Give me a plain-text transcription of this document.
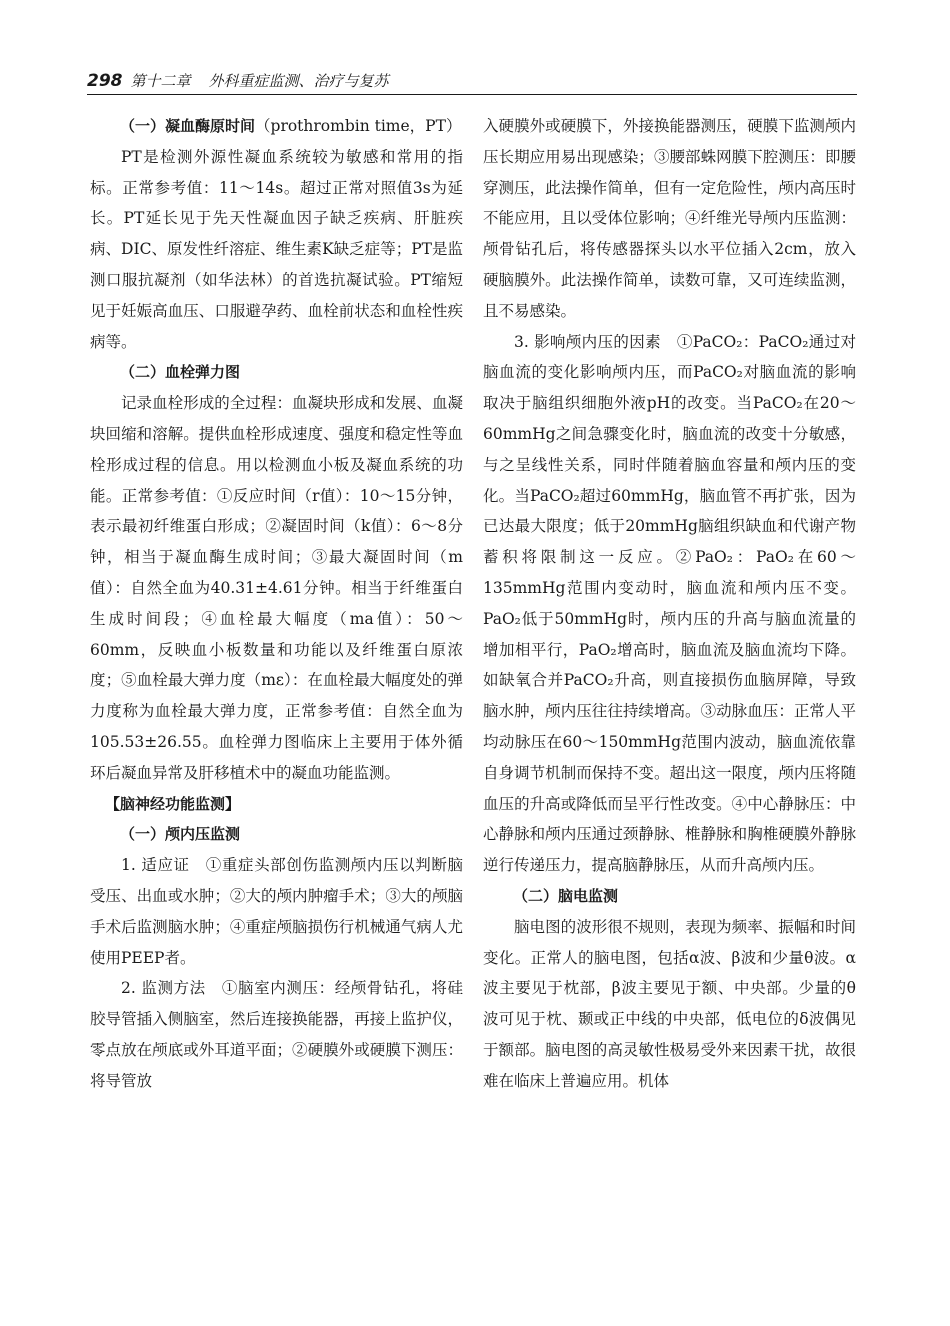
298 第十二章 外科重症监测、治疗与复苏

（一）凝血酶原时间（prothrombin time，PT）

PT是检测外源性凝血系统较为敏感和常用的指标。正常参考值：11～14s。超过正常对照值3s为延长。PT延长见于先天性凝血因子缺乏疾病、肝脏疾病、DIC、原发性纤溶症、维生素K缺乏症等；PT是监测口服抗凝剂（如华法林）的首选抗凝试验。PT缩短见于妊娠高血压、口服避孕药、血栓前状态和血栓性疾病等。

（二）血栓弹力图

记录血栓形成的全过程：血凝块形成和发展、血凝块回缩和溶解。提供血栓形成速度、强度和稳定性等血栓形成过程的信息。用以检测血小板及凝血系统的功能。正常参考值：①反应时间（r值）：10～15分钟，表示最初纤维蛋白形成；②凝固时间（k值）：6～8分钟，相当于凝血酶生成时间；③最大凝固时间（m值）：自然全血为40.31±4.61分钟。相当于纤维蛋白生成时间段；④血栓最大幅度（ma值）：50～60mm，反映血小板数量和功能以及纤维蛋白原浓度；⑤血栓最大弹力度（mε）：在血栓最大幅度处的弹力度称为血栓最大弹力度，正常参考值：自然全血为105.53±26.55。血栓弹力图临床上主要用于体外循环后凝血异常及肝移植术中的凝血功能监测。

【脑神经功能监测】

（一）颅内压监测

1. 适应证　 ①重症头部创伤监测颅内压以判断脑受压、出血或水肿；②大的颅内肿瘤手术；③大的颅脑手术后监测脑水肿；④重症颅脑损伤行机械通气病人尤使用PEEP者。

2. 监测方法　 ①脑室内测压：经颅骨钻孔，将硅胶导管插入侧脑室，然后连接换能器，再接上监护仪，零点放在颅底或外耳道平面；②硬膜外或硬膜下测压：将导管放

入硬膜外或硬膜下，外接换能器测压，硬膜下监测颅内压长期应用易出现感染；③腰部蛛网膜下腔测压：即腰穿测压，此法操作简单，但有一定危险性，颅内高压时不能应用，且以受体位影响；④纤维光导颅内压监测：颅骨钻孔后，将传感器探头以水平位插入2cm，放入硬脑膜外。此法操作简单，读数可靠，又可连续监测，且不易感染。

3. 影响颅内压的因素　 ①PaCO₂：PaCO₂通过对脑血流的变化影响颅内压，而PaCO₂对脑血流的影响取决于脑组织细胞外液pH的改变。当PaCO₂在20～60mmHg之间急骤变化时，脑血流的改变十分敏感，与之呈线性关系，同时伴随着脑血容量和颅内压的变化。当PaCO₂超过60mmHg，脑血管不再扩张，因为已达最大限度；低于20mmHg脑组织缺血和代谢产物蓄积将限制这一反应。②PaO₂：PaO₂在60～135mmHg范围内变动时，脑血流和颅内压不变。PaO₂低于50mmHg时，颅内压的升高与脑血流量的增加相平行，PaO₂增高时，脑血流及脑血流均下降。如缺氧合并PaCO₂升高，则直接损伤血脑屏障，导致脑水肿，颅内压往往持续增高。③动脉血压：正常人平均动脉压在60～150mmHg范围内波动，脑血流依靠自身调节机制而保持不变。超出这一限度，颅内压将随血压的升高或降低而呈平行性改变。④中心静脉压：中心静脉和颅内压通过颈静脉、椎静脉和胸椎硬膜外静脉逆行传递压力，提高脑静脉压，从而升高颅内压。

（二）脑电监测

脑电图的波形很不规则，表现为频率、振幅和时间变化。正常人的脑电图，包括α波、β波和少量θ波。α波主要见于枕部，β波主要见于额、中央部。少量的θ波可见于枕、颞或正中线的中央部，低电位的δ波偶见于额部。脑电图的高灵敏性极易受外来因素干扰，故很难在临床上普遍应用。机体
